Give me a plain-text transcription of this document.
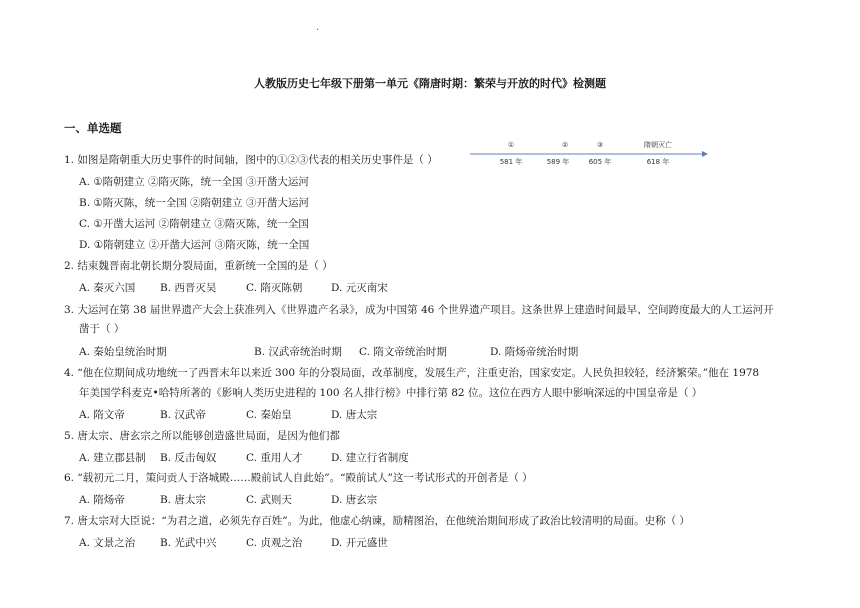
.
人教版历史七年级下册第一单元《隋唐时期：繁荣与开放的时代》检测题
一、单选题
①	②	③	隋朝灭亡
581 年	589 年	605 年	618 年
1. 如图是隋朝重大历史事件的时间轴，图中的①②③代表的相关历史事件是（ ）
A. ①隋朝建立 ②隋灭陈，统一全国 ③开凿大运河
B. ①隋灭陈，统一全国 ②隋朝建立 ③开凿大运河
C. ①开凿大运河 ②隋朝建立 ③隋灭陈，统一全国
D. ①隋朝建立 ②开凿大运河 ③隋灭陈，统一全国
2. 结束魏晋南北朝长期分裂局面，重新统一全国的是（ ）
A. 秦灭六国 B. 西晋灭吴	C. 隋灭陈朝	D. 元灭南宋
3. 大运河在第 38 届世界遗产大会上获准列入《世界遗产名录》，成为中国第 46 个世界遗产项目。这条世界上建造时间最早、空间跨度最大的人工运河开
凿于（ ）
A. 秦始皇统治时期	B. 汉武帝统治时期 C. 隋文帝统治时期	D. 隋炀帝统治时期
4. “他在位期间成功地统一了西晋末年以来近 300 年的分裂局面，改革制度，发展生产，注重吏治，国家安定。人民负担较轻，经济繁荣。”他在 1978
年美国学科麦克•哈特所著的《影响人类历史进程的 100 名人排行榜》中排行第 82 位。这位在西方人眼中影响深远的中国皇帝是（ ）
A. 隋文帝	B. 汉武帝	C. 秦始皇	D. 唐太宗
5. 唐太宗、唐玄宗之所以能够创造盛世局面，是因为他们都
A. 建立郡县制 B. 反击匈奴	C. 重用人才	D. 建立行省制度
6. “载初元二月，策问贡人于洛城殿……殿前试人自此始”。“殿前试人”这一考试形式的开创者是（ ）
A. 隋炀帝	B. 唐太宗	C. 武则天	D. 唐玄宗
7. 唐太宗对大臣说：“为君之道，必须先存百姓”。为此，他虚心纳谏，励精图治，在他统治期间形成了政治比较清明的局面。史称（ ）
A. 文景之治 B. 光武中兴	C. 贞观之治	D. 开元盛世
